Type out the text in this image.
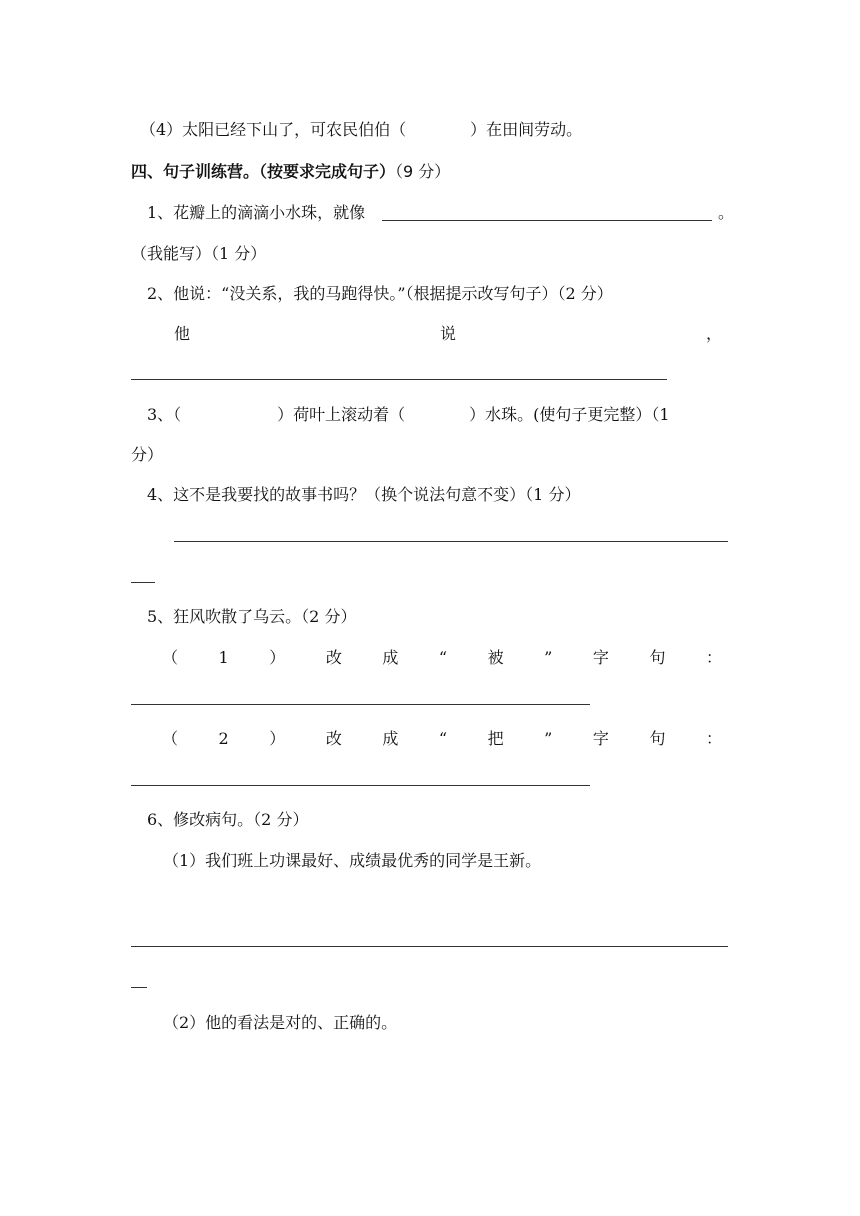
（4）太阳已经下山了，可农民伯伯（　　　　）在田间劳动。
四、句子训练营。（按要求完成句子）（9 分）
1、花瓣上的滴滴小水珠，就像	。
（我能写）（1 分）
2、他说：“没关系，我的马跑得快。”（根据提示改写句子）（2 分）
他	说	，
3、（　　　　　　）荷叶上滚动着（　　　　）水珠。(使句子更完整）（1
分）
4、这不是我要找的故事书吗？（换个说法句意不变）（1 分）
5、狂风吹散了乌云。（2 分）
（	1	）	改	成	“	被	”	字	句	：
（	2	）	改	成	“	把	”	字	句	：
6、修改病句。（2 分）
（1）我们班上功课最好、成绩最优秀的同学是王新。
（2）他的看法是对的、正确的。
